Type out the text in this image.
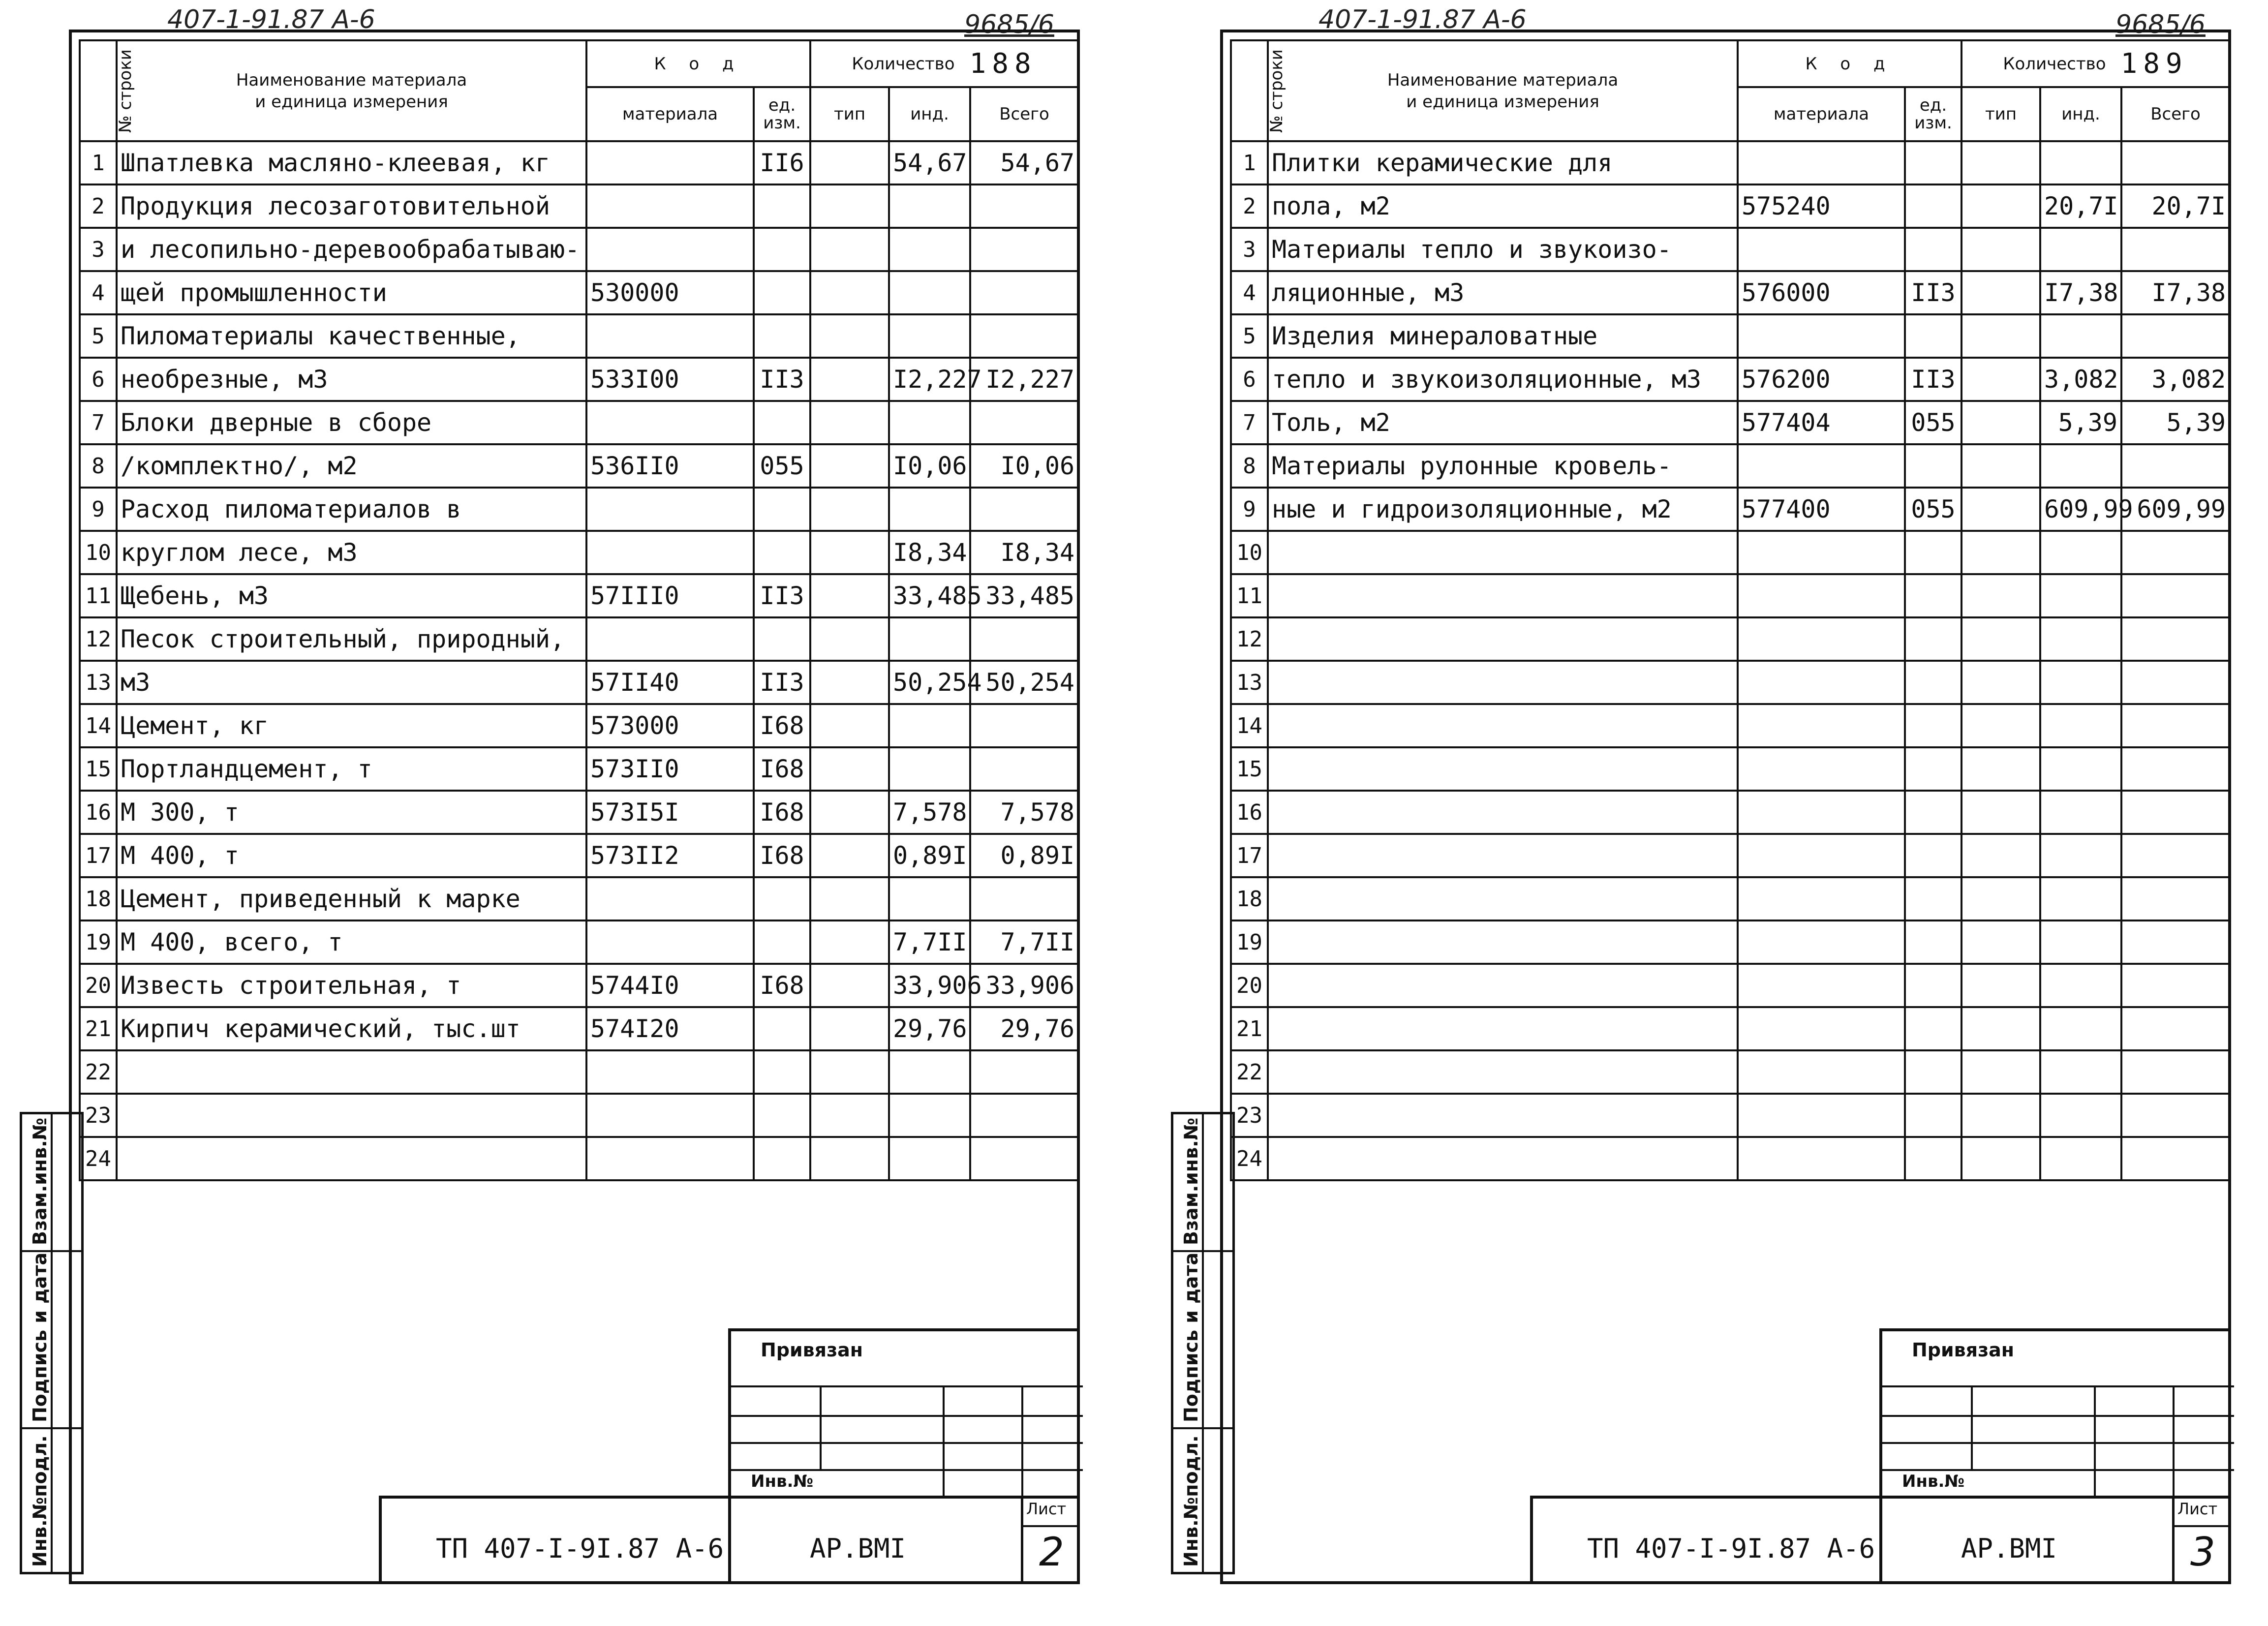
407-1-91.87 А-6	9685/6
№ строки	Наименование материала
и единица измерения	К о д		Количество 188		

		материала	ед.
изм.	тип	инд.	Всего
1	Шпатлевка масляно-клеевая, кг		II6		54,67	54,67
2	Продукция лесозаготовительной					
3	и лесопильно-деревообрабатываю-					
4	щей промышленности	530000				
5	Пиломатериалы качественные,					
6	необрезные, м3	533I00	II3		I2,227	I2,227
7	Блоки дверные в сборе					
8	/комплектно/, м2	536II0	055		I0,06	I0,06
9	Расход пиломатериалов в					
10	круглом лесе, м3				I8,34	I8,34
11	Щебень, м3	57III0	II3		33,485	33,485
12	Песок строительный, природный,					
13	м3	57II40	II3		50,254	50,254
14	Цемент, кг	573000	I68			
15	Портландцемент, т	573II0	I68			
16	М 300, т	573I5I	I68		7,578	7,578
17	М 400, т	573II2	I68		0,89I	0,89I
18	Цемент, приведенный к марке					
19	М 400, всего, т				7,7II	7,7II
20	Известь строительная, т	5744I0	I68		33,906	33,906
21	Кирпич керамический, тыс.шт	574I20			29,76	29,76
22						
23						
24						
Взам.инв.№
Подпись и дата
Инв.№подл.
Привязан
Инв.№
ТП 407-I-9I.87 А-6	АР.ВМI
Лист
2
407-1-91.87 А-6	9685/6
№ строки	Наименование материала
и единица измерения	К о д		Количество 189		

		материала	ед.
изм.	тип	инд.	Всего
1	Плитки керамические для					
2	пола, м2	575240			20,7I	20,7I
3	Материалы тепло и звукоизо-					
4	ляционные, м3	576000	II3		I7,38	I7,38
5	Изделия минераловатные					
6	тепло и звукоизоляционные, м3	576200	II3		3,082	3,082
7	Толь, м2	577404	055		5,39	5,39
8	Материалы рулонные кровель-					
9	ные и гидроизоляционные, м2	577400	055		609,99	609,99
10						
11						
12						
13						
14						
15						
16						
17						
18						
19						
20						
21						
22						
23						
24						
Взам.инв.№
Подпись и дата
Инв.№подл.
Привязан
Инв.№
ТП 407-I-9I.87 А-6	АР.ВМI
Лист
3
